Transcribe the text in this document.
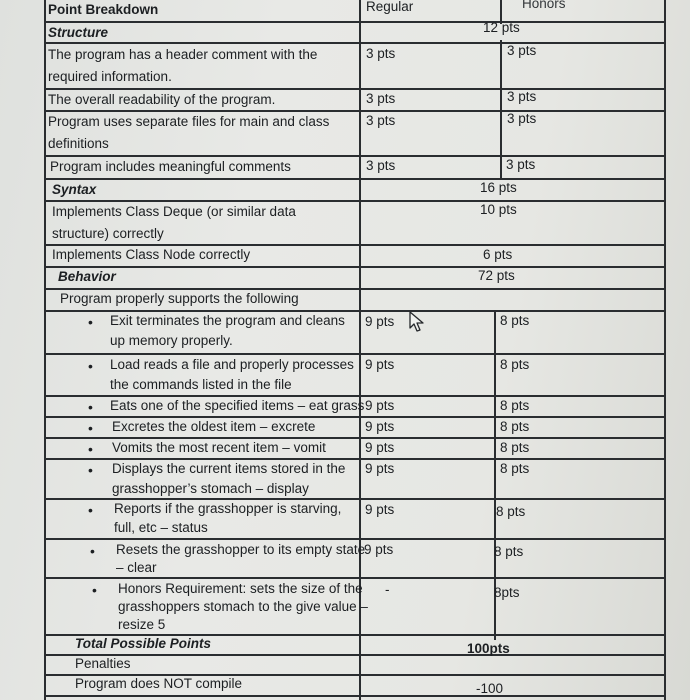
Point Breakdown	Regular	Honors
Structure	12 pts
The program has a header comment with the
required information.
3 pts	3 pts
The overall readability of the program.	3 pts	3 pts
Program uses separate files for main and class
definitions
3 pts	3 pts
Program includes meaningful comments	3 pts	3 pts
Syntax	16 pts
Implements Class Deque (or similar data
structure) correctly
10 pts
Implements Class Node correctly	6 pts
Behavior	72 pts
Program properly supports the following
• Exit terminates the program and cleans
up memory properly.
9 pts	8 pts
• Load reads a file and properly processes
the commands listed in the file
9 pts	8 pts
• Eats one of the specified items – eat grass 9 pts	8 pts
• Excretes the oldest item – excrete	9 pts	8 pts
• Vomits the most recent item – vomit	9 pts	8 pts
• Displays the current items stored in the
grasshopper’s stomach – display
9 pts	8 pts
• Reports if the grasshopper is starving,
full, etc – status
9 pts	8 pts
• Resets the grasshopper to its empty state
– clear
9 pts	8 pts
• Honors Requirement: sets the size of the
grasshoppers stomach to the give value –
resize 5
-	8pts
Total Possible Points	100pts
Penalties
Program does NOT compile	-100
